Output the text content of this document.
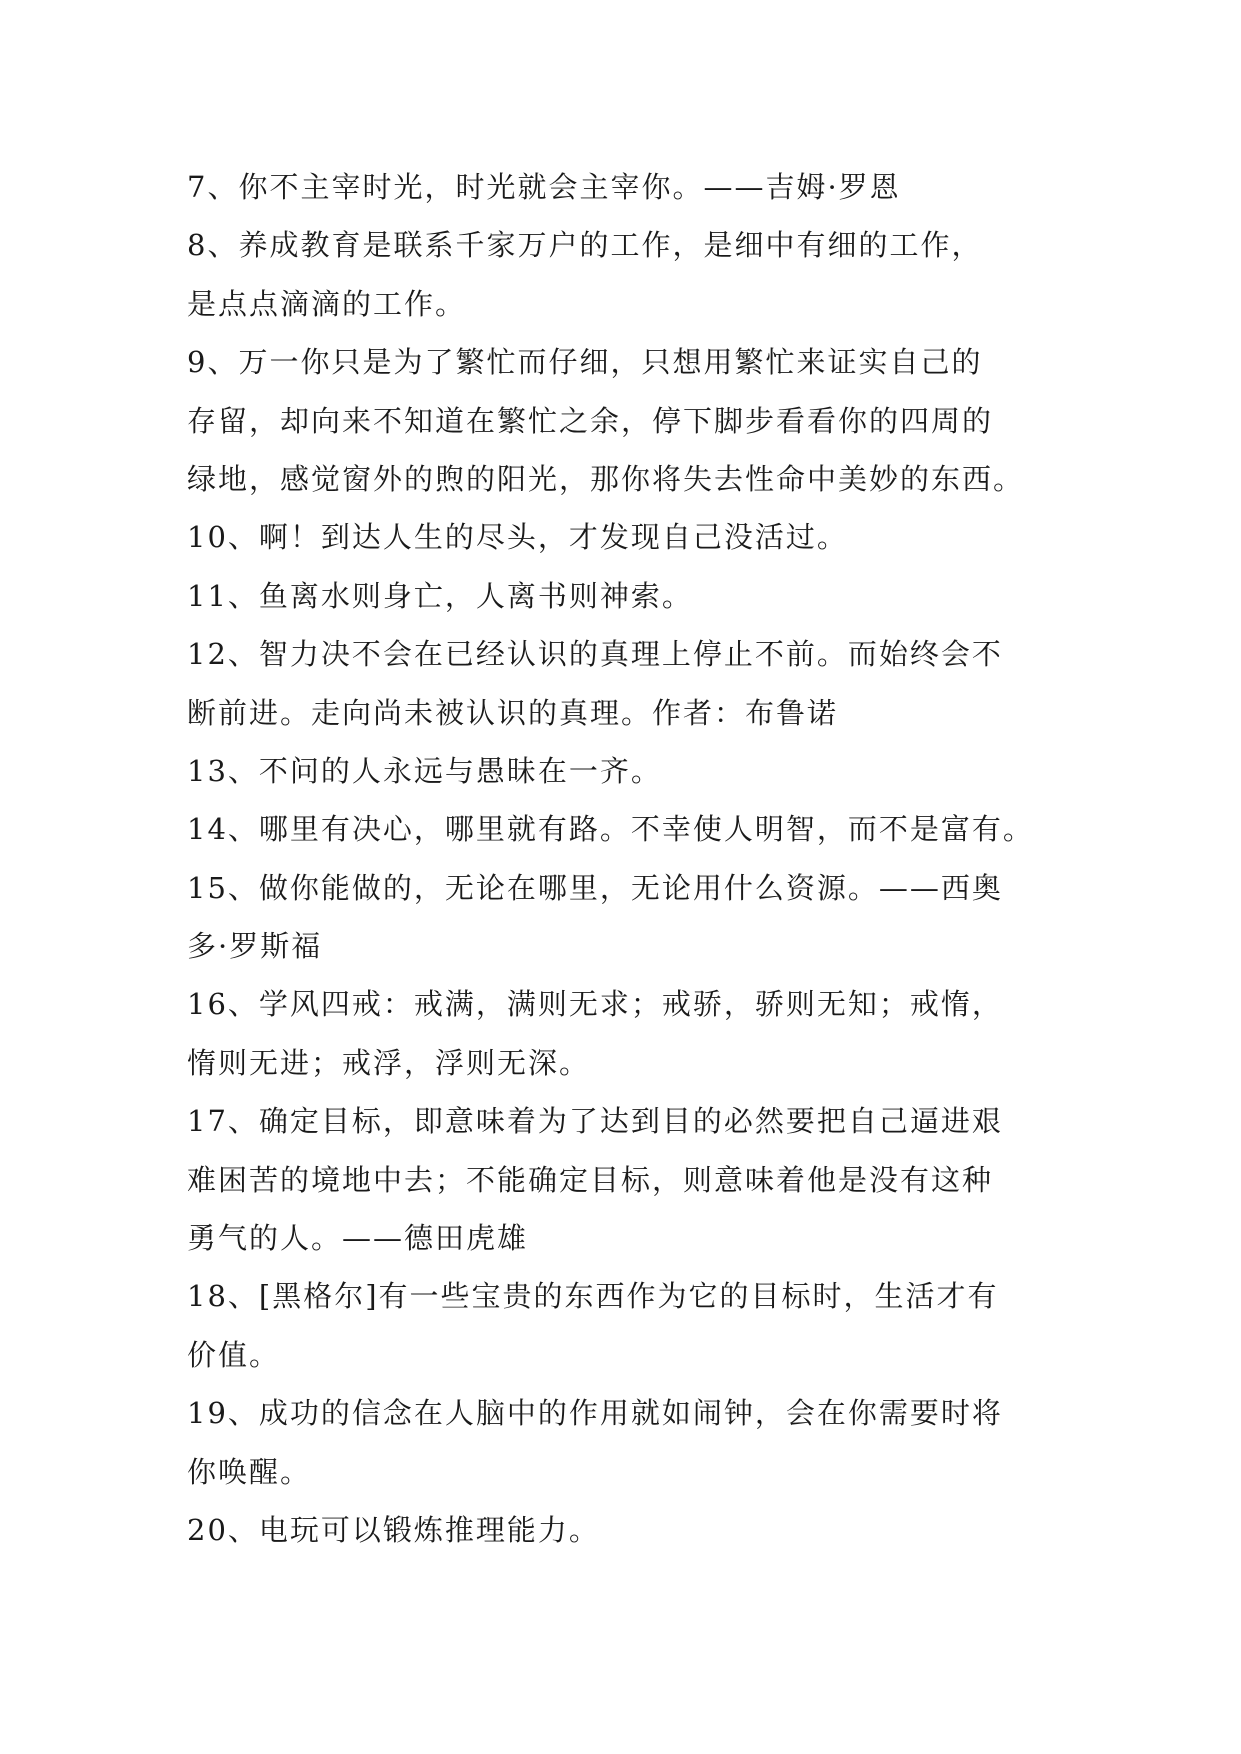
7、你不主宰时光，时光就会主宰你。——吉姆·罗恩
8、养成教育是联系千家万户的工作，是细中有细的工作，
是点点滴滴的工作。
9、万一你只是为了繁忙而仔细，只想用繁忙来证实自己的
存留，却向来不知道在繁忙之余，停下脚步看看你的四周的
绿地，感觉窗外的煦的阳光，那你将失去性命中美妙的东西。
10、啊！到达人生的尽头，才发现自己没活过。
11、鱼离水则身亡，人离书则神索。
12、智力决不会在已经认识的真理上停止不前。而始终会不
断前进。走向尚未被认识的真理。作者：布鲁诺
13、不问的人永远与愚昧在一齐。
14、哪里有决心，哪里就有路。不幸使人明智，而不是富有。
15、做你能做的，无论在哪里，无论用什么资源。——西奥
多·罗斯福
16、学风四戒：戒满，满则无求；戒骄，骄则无知；戒惰，
惰则无进；戒浮，浮则无深。
17、确定目标，即意味着为了达到目的必然要把自己逼进艰
难困苦的境地中去；不能确定目标，则意味着他是没有这种
勇气的人。——德田虎雄
18、[黑格尔]有一些宝贵的东西作为它的目标时，生活才有
价值。
19、成功的信念在人脑中的作用就如闹钟，会在你需要时将
你唤醒。
20、电玩可以锻炼推理能力。
